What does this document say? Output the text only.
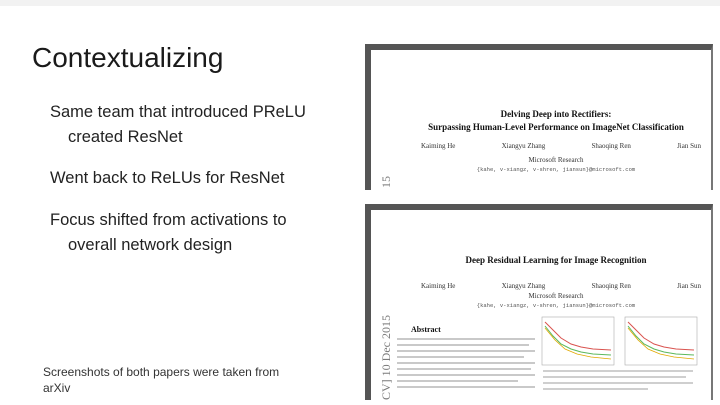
Contextualizing
Same team that introduced PReLU
created ResNet
Went back to ReLUs for ResNet
Focus shifted from activations to
overall network design
Screenshots of both papers were taken from arXiv
15
Delving Deep into Rectifiers:
Surpassing Human-Level Performance on ImageNet Classification
Kaiming He	Xiangyu Zhang	Shaoqing Ren	Jian Sun
Microsoft Research
{kahe, v-xiangz, v-shren, jiansun}@microsoft.com
CV] 10 Dec 2015
Deep Residual Learning for Image Recognition
Kaiming He	Xiangyu Zhang	Shaoqing Ren	Jian Sun
Microsoft Research
{kahe, v-xiangz, v-shren, jiansun}@microsoft.com
Abstract
